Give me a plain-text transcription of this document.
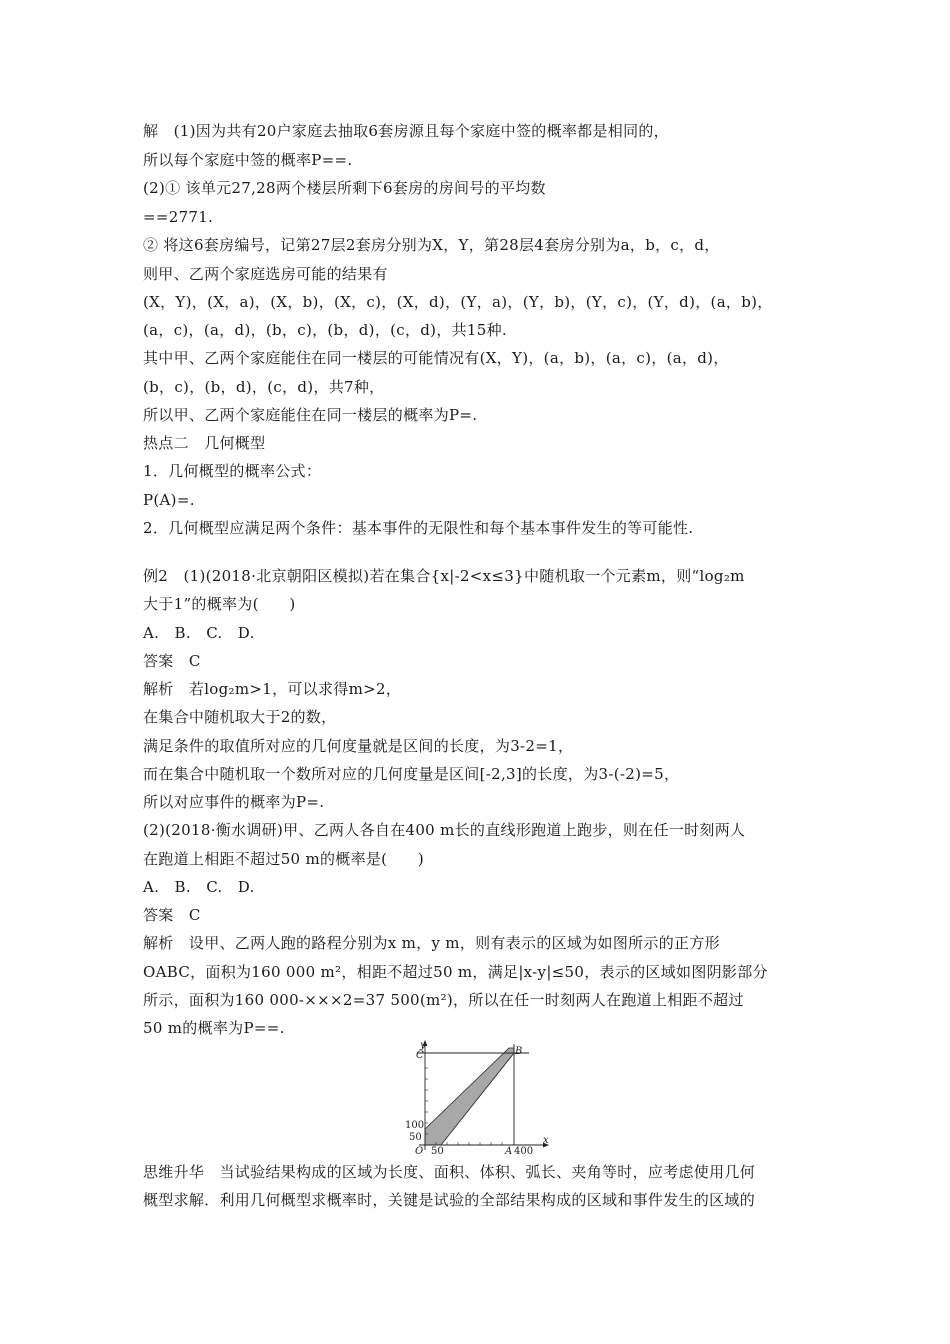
解　(1)因为共有20户家庭去抽取6套房源且每个家庭中签的概率都是相同的，
所以每个家庭中签的概率P==.
(2)① 该单元27,28两个楼层所剩下6套房的房间号的平均数
==2771.
② 将这6套房编号，记第27层2套房分别为X，Y，第28层4套房分别为a，b，c，d，
则甲、乙两个家庭选房可能的结果有
(X，Y)，(X，a)，(X，b)，(X，c)，(X，d)，(Y，a)，(Y，b)，(Y，c)，(Y，d)，(a，b)，
(a，c)，(a，d)，(b，c)，(b，d)，(c，d)，共15种.
其中甲、乙两个家庭能住在同一楼层的可能情况有(X，Y)，(a，b)，(a，c)，(a，d)，
(b，c)，(b，d)，(c，d)，共7种，
所以甲、乙两个家庭能住在同一楼层的概率为P=.
热点二　几何概型
1．几何概型的概率公式：
P(A)=.
2．几何概型应满足两个条件：基本事件的无限性和每个基本事件发生的等可能性.
例2　(1)(2018·北京朝阳区模拟)若在集合{x|-2<x≤3}中随机取一个元素m，则“log₂m
大于1”的概率为(　　)
A.　B.　C.　D.
答案　C
解析　若log₂m>1，可以求得m>2，
在集合中随机取大于2的数，
满足条件的取值所对应的几何度量就是区间的长度，为3-2=1，
而在集合中随机取一个数所对应的几何度量是区间[-2,3]的长度，为3-(-2)=5，
所以对应事件的概率为P=.
(2)(2018·衡水调研)甲、乙两人各自在400 m长的直线形跑道上跑步，则在任一时刻两人
在跑道上相距不超过50 m的概率是(　　)
A.　B.　C.　D.
答案　C
解析　设甲、乙两人跑的路程分别为x m，y m，则有表示的区域为如图所示的正方形
OABC，面积为160 000 m²，相距不超过50 m，满足|x-y|≤50，表示的区域如图阴影部分
所示，面积为160 000-×××2=37 500(m²)，所以在任一时刻两人在跑道上相距不超过
50 m的概率为P==.
y
x
C	B
O	A
100
50
50	400
思维升华　当试验结果构成的区域为长度、面积、体积、弧长、夹角等时，应考虑使用几何
概型求解．利用几何概型求概率时，关键是试验的全部结果构成的区域和事件发生的区域的
